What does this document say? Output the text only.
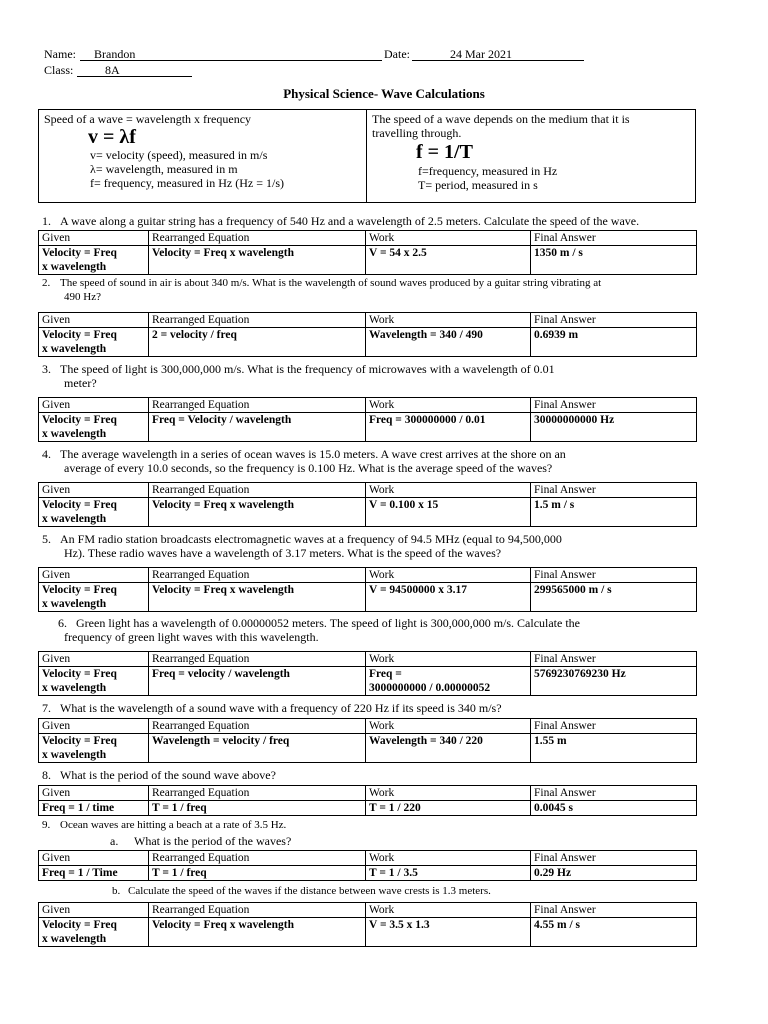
Name:	Brandon	Date:	24 Mar 2021
Class:	8A
Physical Science- Wave Calculations
Speed of a wave = wavelength x frequency
v = λf
v= velocity (speed), measured in m/s
λ= wavelength, measured in m
f= frequency, measured in Hz (Hz = 1/s)
The speed of a wave depends on the medium that it is
travelling through.
f = 1/T
f=frequency, measured in Hz
T= period, measured in s
1. A wave along a guitar string has a frequency of 540 Hz and a wavelength of 2.5 meters. Calculate the speed of the wave.
Given	Rearranged Equation	Work	Final Answer
Velocity = Freq
x wavelength	Velocity = Freq x wavelength	V = 54 x 2.5	1350 m / s
2. The speed of sound in air is about 340 m/s. What is the wavelength of sound waves produced by a guitar string vibrating at
490 Hz?
Given	Rearranged Equation	Work	Final Answer
Velocity = Freq
x wavelength	2 = velocity / freq	Wavelength = 340 / 490	0.6939 m
3. The speed of light is 300,000,000 m/s. What is the frequency of microwaves with a wavelength of 0.01
meter?
Given	Rearranged Equation	Work	Final Answer
Velocity = Freq
x wavelength	Freq = Velocity / wavelength	Freq = 300000000 / 0.01	30000000000 Hz
4. The average wavelength in a series of ocean waves is 15.0 meters. A wave crest arrives at the shore on an
average of every 10.0 seconds, so the frequency is 0.100 Hz. What is the average speed of the waves?
Given	Rearranged Equation	Work	Final Answer
Velocity = Freq
x wavelength	Velocity = Freq x wavelength	V = 0.100 x 15	1.5 m / s
5. An FM radio station broadcasts electromagnetic waves at a frequency of 94.5 MHz (equal to 94,500,000
Hz). These radio waves have a wavelength of 3.17 meters. What is the speed of the waves?
Given	Rearranged Equation	Work	Final Answer
Velocity = Freq
x wavelength	Velocity = Freq x wavelength	V = 94500000 x 3.17	299565000 m / s
6. Green light has a wavelength of 0.00000052 meters. The speed of light is 300,000,000 m/s. Calculate the
frequency of green light waves with this wavelength.
Given	Rearranged Equation	Work	Final Answer
Velocity = Freq
x wavelength	Freq = velocity / wavelength	Freq =
3000000000 / 0.00000052	5769230769230 Hz
7. What is the wavelength of a sound wave with a frequency of 220 Hz if its speed is 340 m/s?
Given	Rearranged Equation	Work	Final Answer
Velocity = Freq
x wavelength	Wavelength = velocity / freq	Wavelength = 340 / 220	1.55 m
8. What is the period of the sound wave above?
Given	Rearranged Equation	Work	Final Answer
Freq = 1 / time	T = 1 / freq	T = 1 / 220	0.0045 s
9. Ocean waves are hitting a beach at a rate of 3.5 Hz.
a. What is the period of the waves?
Given	Rearranged Equation	Work	Final Answer
Freq = 1 / Time	T = 1 / freq	T = 1 / 3.5	0.29 Hz
b. Calculate the speed of the waves if the distance between wave crests is 1.3 meters.
Given	Rearranged Equation	Work	Final Answer
Velocity = Freq
x wavelength	Velocity = Freq x wavelength	V = 3.5 x 1.3	4.55 m / s
